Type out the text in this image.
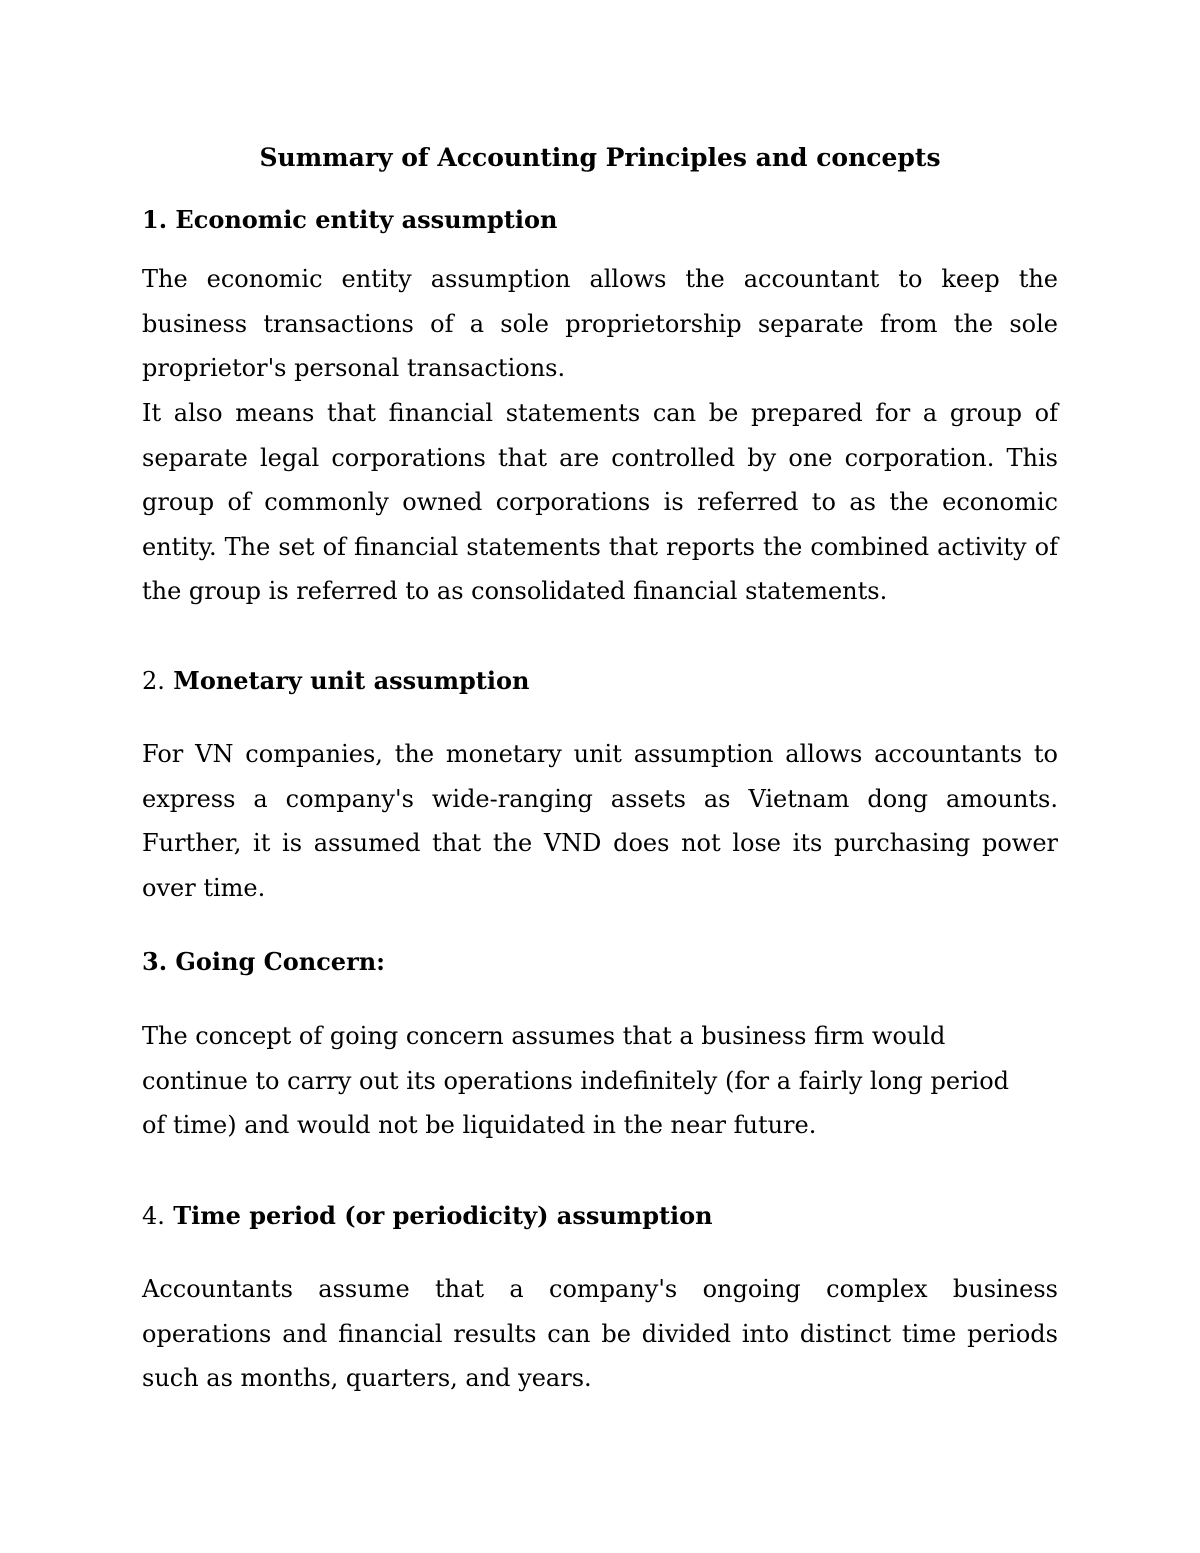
Summary of Accounting Principles and concepts
1. Economic entity assumption

The economic entity assumption allows the accountant to keep the business transactions of a sole proprietorship separate from the sole proprietor's personal transactions.

It also means that financial statements can be prepared for a group of separate legal corporations that are controlled by one corporation. This group of commonly owned corporations is referred to as the economic entity. The set of financial statements that reports the combined activity of the group is referred to as consolidated financial statements.

2. Monetary unit assumption

For VN companies, the monetary unit assumption allows accountants to express a company's wide-ranging assets as Vietnam dong amounts. Further, it is assumed that the VND does not lose its purchasing power over time.

3. Going Concern:

The concept of going concern assumes that a business firm would continue to carry out its operations indefinitely (for a fairly long period of time) and would not be liquidated in the near future.

4. Time period (or periodicity) assumption

Accountants assume that a company's ongoing complex business operations and financial results can be divided into distinct time periods such as months, quarters, and years.
